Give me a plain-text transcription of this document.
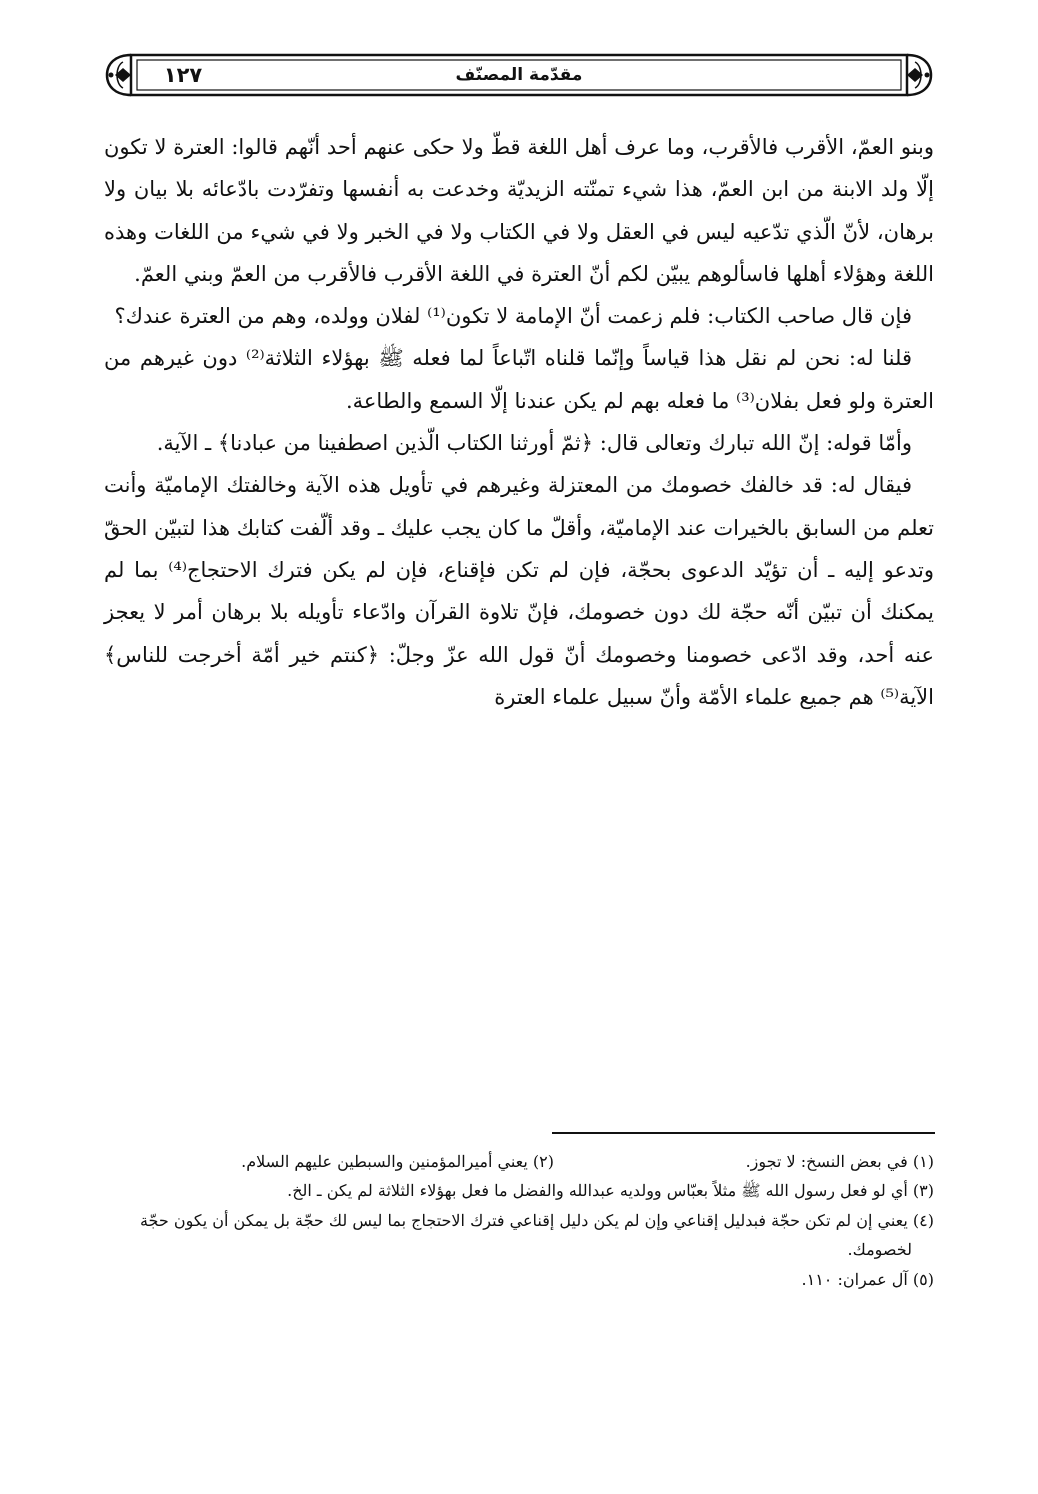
١٢٧	مقدّمة المصنّف

وبنو العمّ، الأقرب فالأقرب، وما عرف أهل اللغة قطّ ولا حكى عنهم أحد أنّهم قالوا: العترة لا تكون إلّا ولد الابنة من ابن العمّ، هذا شيء تمنّته الزيديّة وخدعت به أنفسها وتفرّدت بادّعائه بلا بيان ولا برهان، لأنّ الّذي تدّعيه ليس في العقل ولا في الكتاب ولا في الخبر ولا في شيء من اللغات وهذه اللغة وهؤلاء أهلها فاسألوهم يبيّن لكم أنّ العترة في اللغة الأقرب فالأقرب من العمّ وبني العمّ.

فإن قال صاحب الكتاب: فلم زعمت أنّ الإمامة لا تكون⁽¹⁾ لفلان وولده، وهم من العترة عندك؟

قلنا له: نحن لم نقل هذا قياساً وإنّما قلناه اتّباعاً لما فعله ﷺ بهؤلاء الثلاثة⁽²⁾ دون غيرهم من العترة ولو فعل بفلان⁽³⁾ ما فعله بهم لم يكن عندنا إلّا السمع والطاعة.

وأمّا قوله: إنّ الله تبارك وتعالى قال: ﴿ثمّ أورثنا الكتاب الّذين اصطفينا من عبادنا﴾ ـ الآية.

فيقال له: قد خالفك خصومك من المعتزلة وغيرهم في تأويل هذه الآية وخالفتك الإماميّة وأنت تعلم من السابق بالخيرات عند الإماميّة، وأقلّ ما كان يجب عليك ـ وقد ألّفت كتابك هذا لتبيّن الحقّ وتدعو إليه ـ أن تؤيّد الدعوى بحجّة، فإن لم تكن فإقناع، فإن لم يكن فترك الاحتجاج⁽⁴⁾ بما لم يمكنك أن تبيّن أنّه حجّة لك دون خصومك، فإنّ تلاوة القرآن وادّعاء تأويله بلا برهان أمر لا يعجز عنه أحد، وقد ادّعى خصومنا وخصومك أنّ قول الله عزّ وجلّ: ﴿كنتم خير أمّة أخرجت للناس﴾ الآية⁽⁵⁾ هم جميع علماء الأمّة وأنّ سبيل علماء العترة

(١) في بعض النسخ: لا تجوز.

(٢) يعني أميرالمؤمنين والسبطين عليهم السلام.

(٣) أي لو فعل رسول الله ﷺ مثلاً بعبّاس وولديه عبدالله والفضل ما فعل بهؤلاء الثلاثة لم يكن ـ الخ.

(٤) يعني إن لم تكن حجّة فبدليل إقناعي وإن لم يكن دليل إقناعي فترك الاحتجاج بما ليس لك حجّة بل يمكن أن يكون حجّة لخصومك.

(٥) آل عمران: ١١٠.
